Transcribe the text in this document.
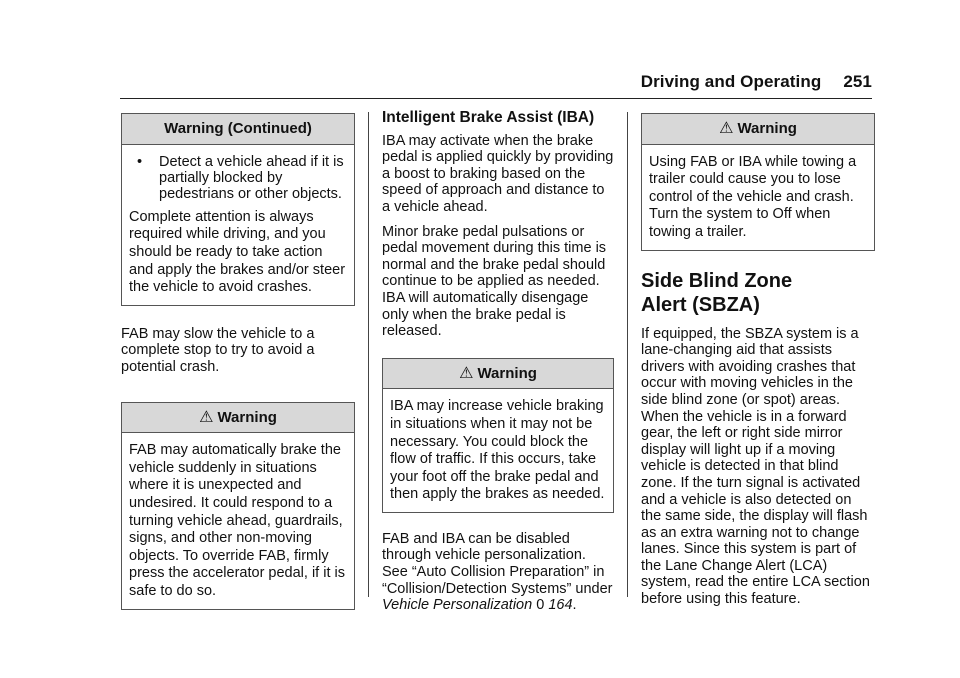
Driving and Operating 251
Warning (Continued)
•	Detect a vehicle ahead if it is partially blocked by pedestrians or other objects.

Complete attention is always required while driving, and you should be ready to take action and apply the brakes and/or steer the vehicle to avoid crashes.

FAB may slow the vehicle to a complete stop to try to avoid a potential crash.

⚠ Warning

FAB may automatically brake the vehicle suddenly in situations where it is unexpected and undesired. It could respond to a turning vehicle ahead, guardrails, signs, and other non-moving objects. To override FAB, firmly press the accelerator pedal, if it is safe to do so.

Intelligent Brake Assist (IBA)

IBA may activate when the brake pedal is applied quickly by providing a boost to braking based on the speed of approach and distance to a vehicle ahead.

Minor brake pedal pulsations or pedal movement during this time is normal and the brake pedal should continue to be applied as needed. IBA will automatically disengage only when the brake pedal is released.

⚠ Warning

IBA may increase vehicle braking in situations when it may not be necessary. You could block the flow of traffic. If this occurs, take your foot off the brake pedal and then apply the brakes as needed.

FAB and IBA can be disabled through vehicle personalization. See “Auto Collision Preparation” in “Collision/Detection Systems” under Vehicle Personalization 0 164.

⚠ Warning

Using FAB or IBA while towing a trailer could cause you to lose control of the vehicle and crash. Turn the system to Off when towing a trailer.

Side Blind Zone
Alert (SBZA)

If equipped, the SBZA system is a lane-changing aid that assists drivers with avoiding crashes that occur with moving vehicles in the side blind zone (or spot) areas. When the vehicle is in a forward gear, the left or right side mirror display will light up if a moving vehicle is detected in that blind zone. If the turn signal is activated and a vehicle is also detected on the same side, the display will flash as an extra warning not to change lanes. Since this system is part of the Lane Change Alert (LCA) system, read the entire LCA section before using this feature.
